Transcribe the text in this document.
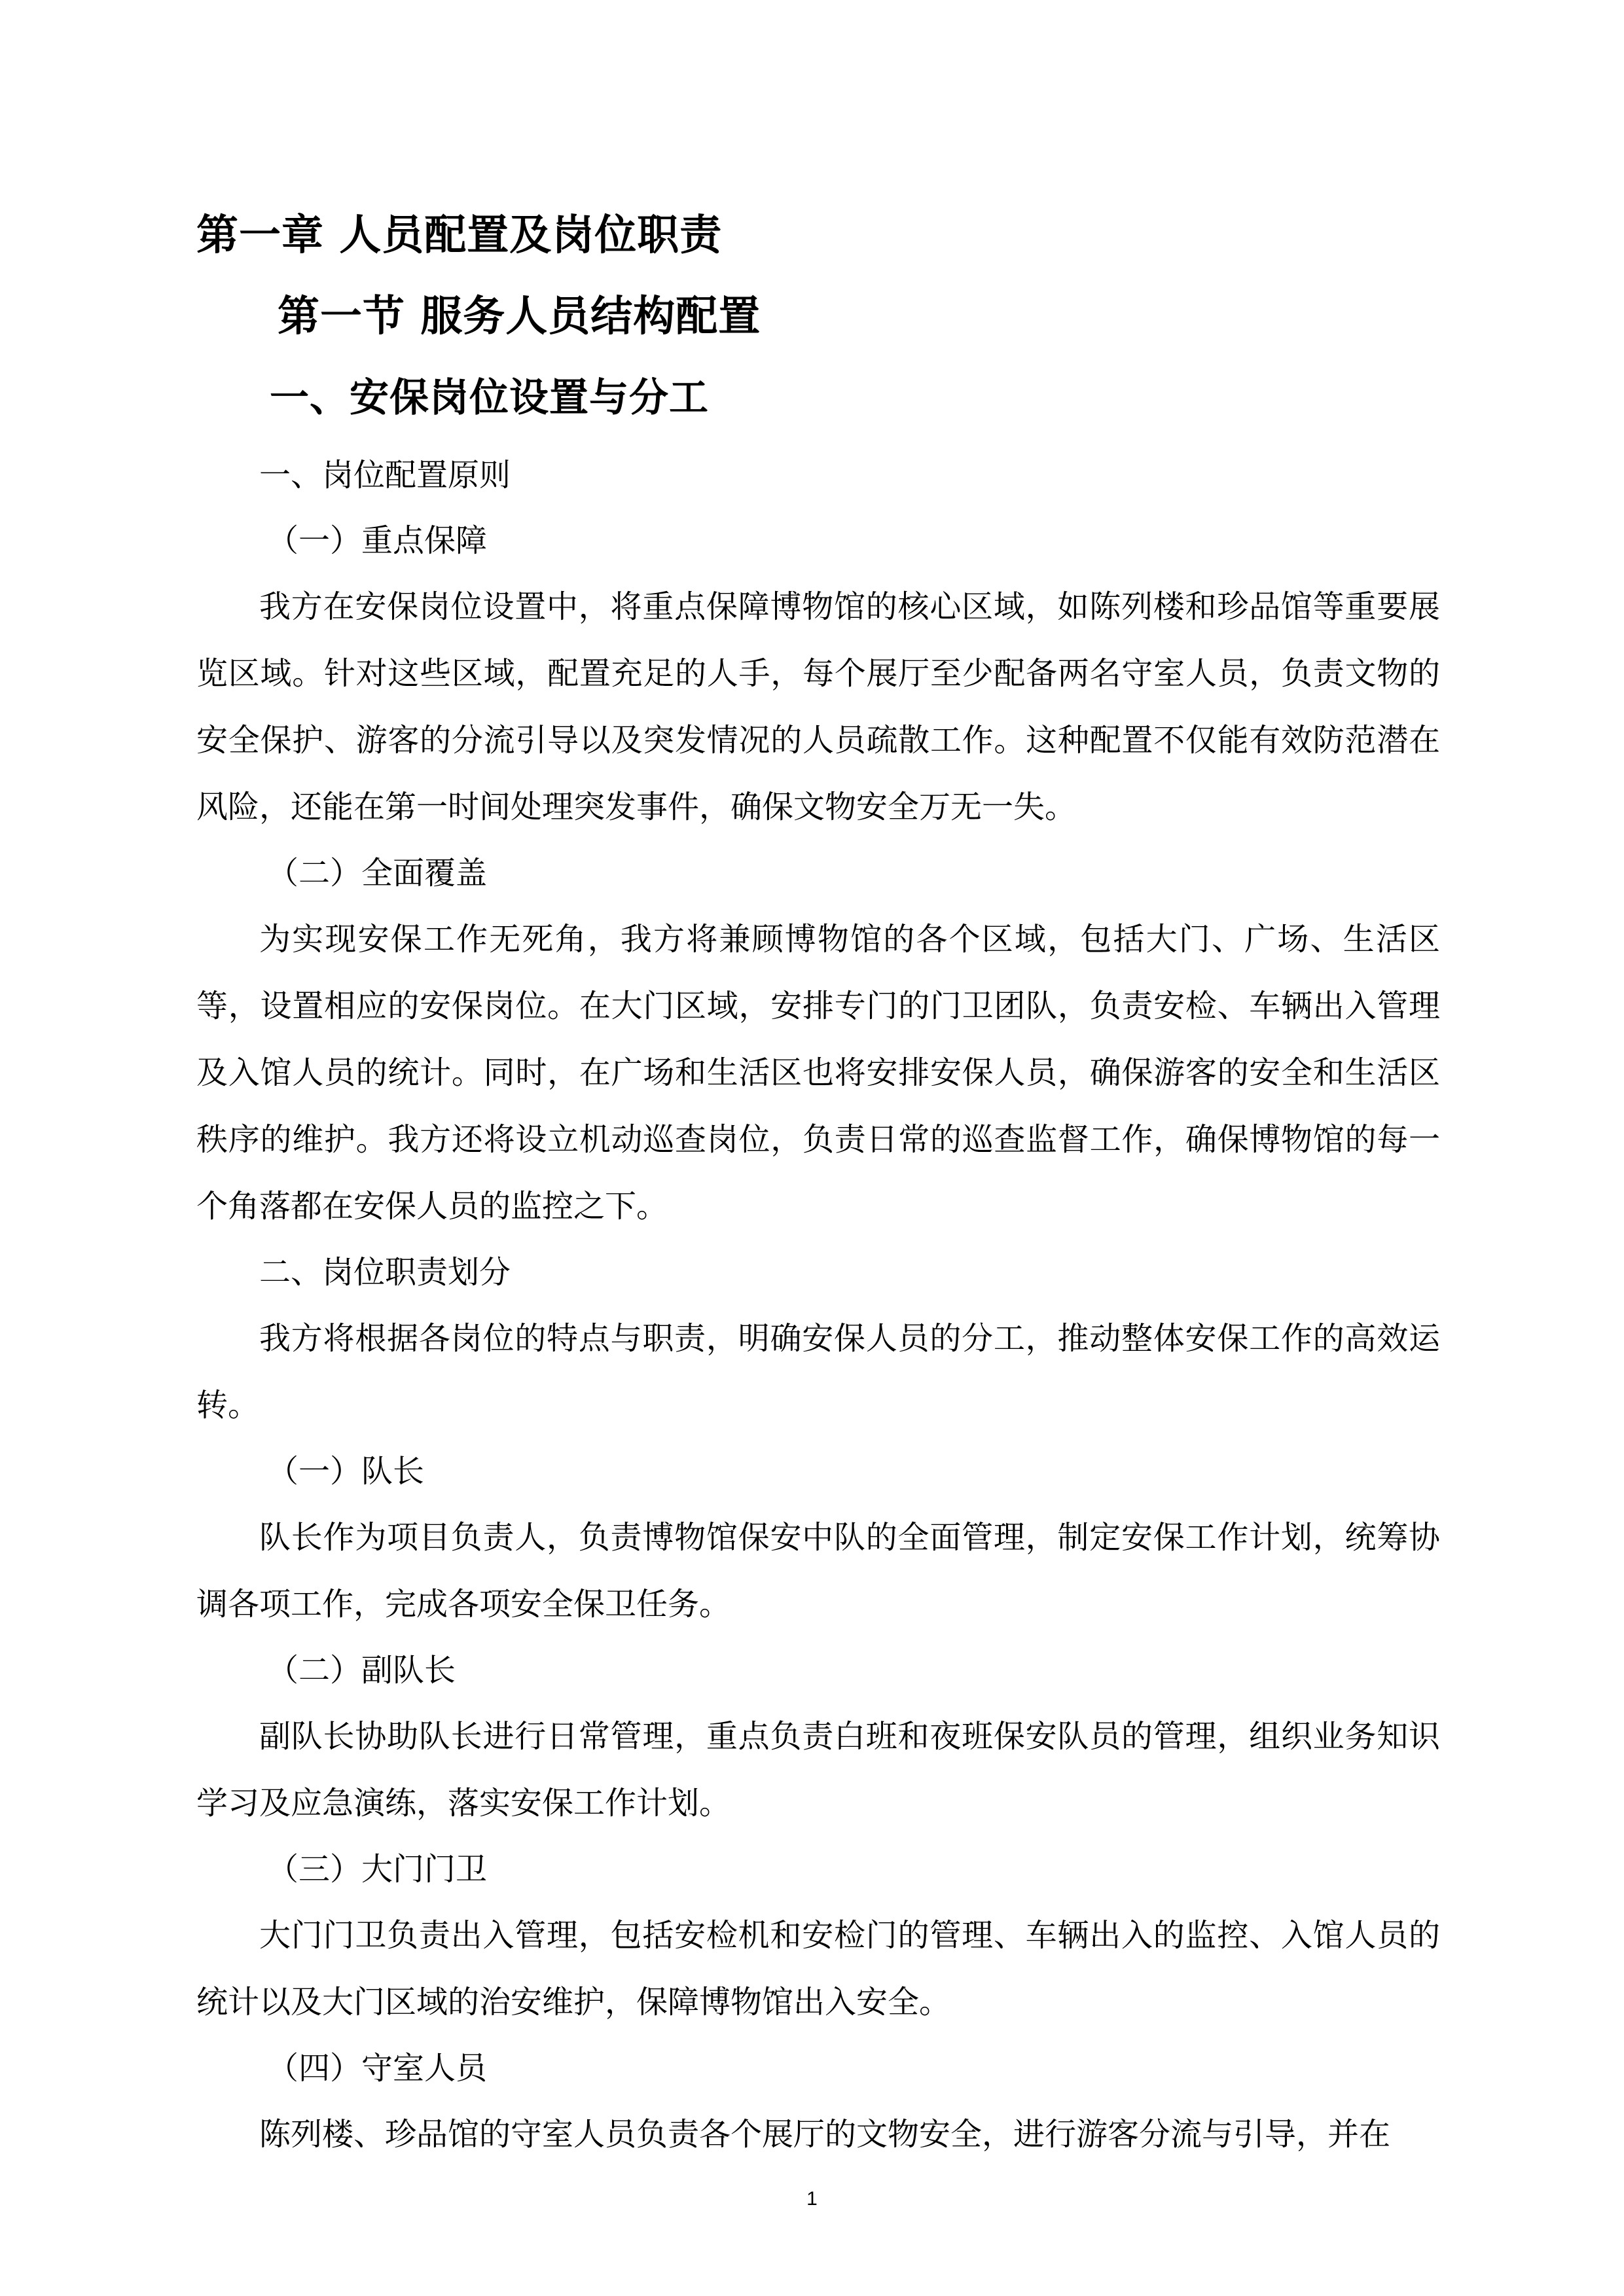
第一章 人员配置及岗位职责
第一节 服务人员结构配置
一、安保岗位设置与分工
一、岗位配置原则
（一）重点保障

我方在安保岗位设置中，将重点保障博物馆的核心区域，如陈列楼和珍品馆等重要展览区域。针对这些区域，配置充足的人手，每个展厅至少配备两名守室人员，负责文物的安全保护、游客的分流引导以及突发情况的人员疏散工作。这种配置不仅能有效防范潜在风险，还能在第一时间处理突发事件，确保文物安全万无一失。

（二）全面覆盖

为实现安保工作无死角，我方将兼顾博物馆的各个区域，包括大门、广场、生活区等，设置相应的安保岗位。在大门区域，安排专门的门卫团队，负责安检、车辆出入管理及入馆人员的统计。同时，在广场和生活区也将安排安保人员，确保游客的安全和生活区秩序的维护。我方还将设立机动巡查岗位，负责日常的巡查监督工作，确保博物馆的每一个角落都在安保人员的监控之下。

二、岗位职责划分

我方将根据各岗位的特点与职责，明确安保人员的分工，推动整体安保工作的高效运转。

（一）队长

队长作为项目负责人，负责博物馆保安中队的全面管理，制定安保工作计划，统筹协调各项工作，完成各项安全保卫任务。

（二）副队长

副队长协助队长进行日常管理，重点负责白班和夜班保安队员的管理，组织业务知识学习及应急演练，落实安保工作计划。

（三）大门门卫

大门门卫负责出入管理，包括安检机和安检门的管理、车辆出入的监控、入馆人员的统计以及大门区域的治安维护，保障博物馆出入安全。

（四）守室人员

陈列楼、珍品馆的守室人员负责各个展厅的文物安全，进行游客分流与引导，并在

1
